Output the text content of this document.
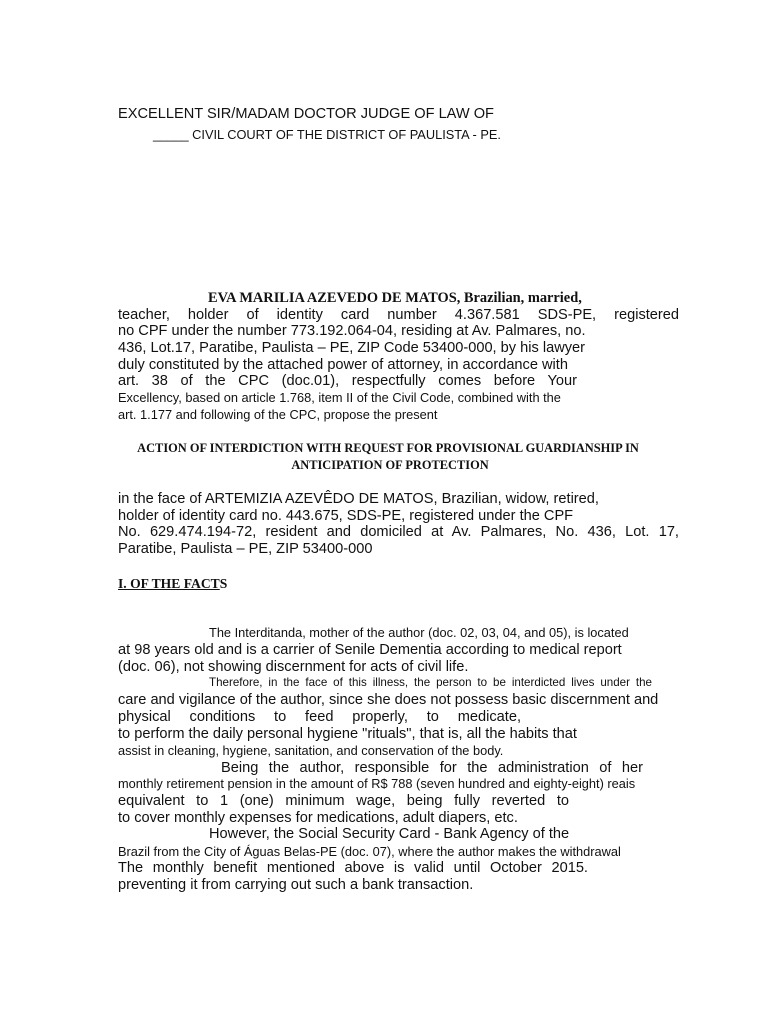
EXCELLENT SIR/MADAM DOCTOR JUDGE OF LAW OF
_____ CIVIL COURT OF THE DISTRICT OF PAULISTA - PE.
EVA MARILIA AZEVEDO DE MATOS, Brazilian, married,
teacher, holder of identity card number 4.367.581 SDS-PE, registered
no CPF under the number 773.192.064-04, residing at Av. Palmares, no.
436, Lot.17, Paratibe, Paulista – PE, ZIP Code 53400-000, by his lawyer
duly constituted by the attached power of attorney, in accordance with
art. 38 of the CPC (doc.01), respectfully comes before Your
Excellency, based on article 1.768, item II of the Civil Code, combined with the
art. 1.177 and following of the CPC, propose the present
ACTION OF INTERDICTION WITH REQUEST FOR PROVISIONAL GUARDIANSHIP IN
ANTICIPATION OF PROTECTION
in the face of ARTEMIZIA AZEVÊDO DE MATOS, Brazilian, widow, retired,
holder of identity card no. 443.675, SDS-PE, registered under the CPF
No. 629.474.194-72, resident and domiciled at Av. Palmares, No. 436, Lot. 17,
Paratibe, Paulista – PE, ZIP 53400-000
I. OF THE FACTS
The Interditanda, mother of the author (doc. 02, 03, 04, and 05), is located
at 98 years old and is a carrier of Senile Dementia according to medical report
(doc. 06), not showing discernment for acts of civil life.
Therefore, in the face of this illness, the person to be interdicted lives under the
care and vigilance of the author, since she does not possess basic discernment and
physical conditions to feed properly, to medicate,
to perform the daily personal hygiene "rituals", that is, all the habits that
assist in cleaning, hygiene, sanitation, and conservation of the body.
Being the author, responsible for the administration of her
monthly retirement pension in the amount of R$ 788 (seven hundred and eighty-eight) reais
equivalent to 1 (one) minimum wage, being fully reverted to
to cover monthly expenses for medications, adult diapers, etc.
However, the Social Security Card - Bank Agency of the
Brazil from the City of Águas Belas-PE (doc. 07), where the author makes the withdrawal
The monthly benefit mentioned above is valid until October 2015.
preventing it from carrying out such a bank transaction.
